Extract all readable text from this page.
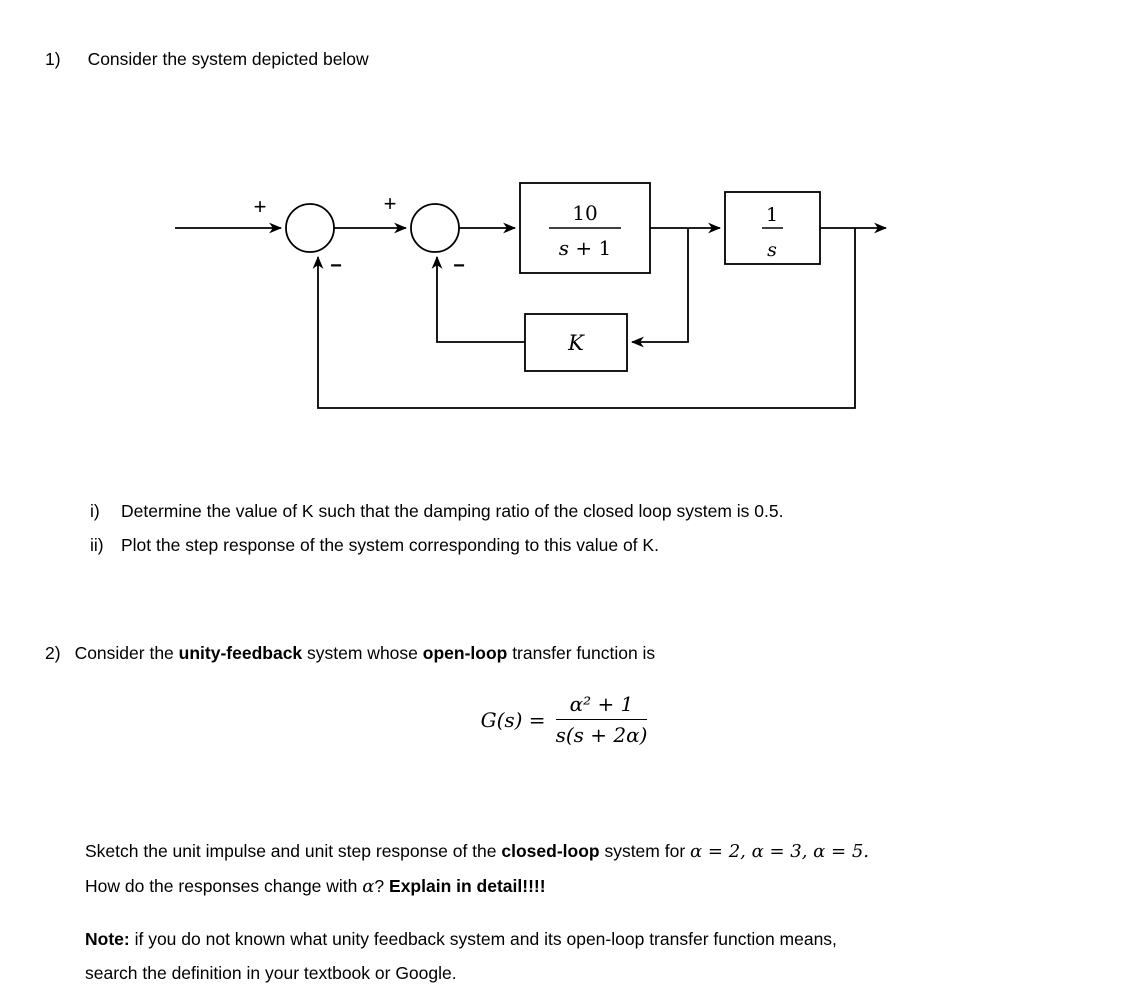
1) Consider the system depicted below
+	+
−	−
10
s + 1
1
s
K
i) Determine the value of K such that the damping ratio of the closed loop system is 0.5.
ii) Plot the step response of the system corresponding to this value of K.
2) Consider the unity-feedback system whose open-loop transfer function is
$G(s) = \frac{\text{α² + 1}}{s(s + 2\alpha)}$
Sketch the unit impulse and unit step response of the closed-loop system for α = 2, α = 3, α = 5.
How do the responses change with α? Explain in detail!!!!
Note: if you do not known what unity feedback system and its open-loop transfer function means,
search the definition in your textbook or Google.
